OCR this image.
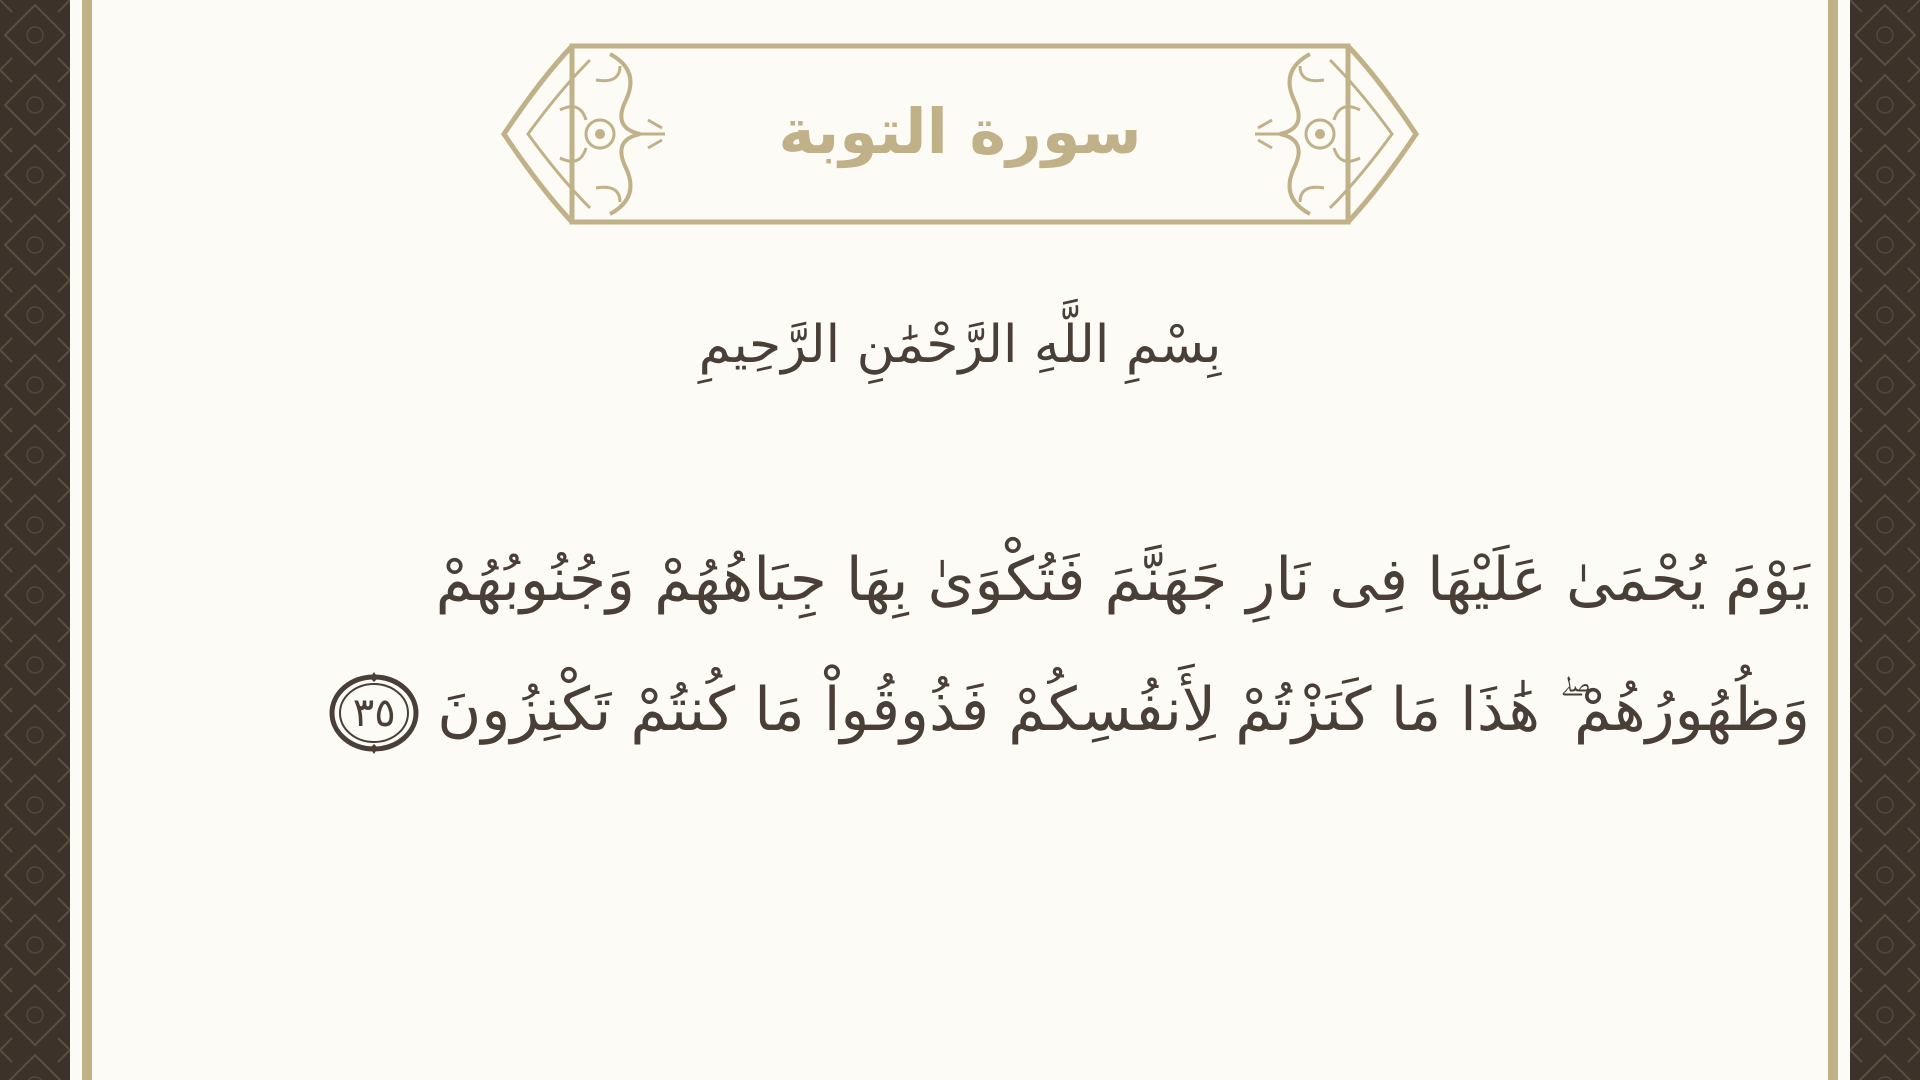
سورة التوبة
بِسْمِ اللَّهِ الرَّحْمَٰنِ الرَّحِيمِ
يَوْمَ يُحْمَىٰ عَلَيْهَا فِى نَارِ جَهَنَّمَ فَتُكْوَىٰ بِهَا جِبَاهُهُمْ وَجُنُوبُهُمْ
وَظُهُورُهُمْ ۖ هَٰذَا مَا كَنَزْتُمْ لِأَنفُسِكُمْ فَذُوقُواْ مَا كُنتُمْ تَكْنِزُونَ
٣٥
